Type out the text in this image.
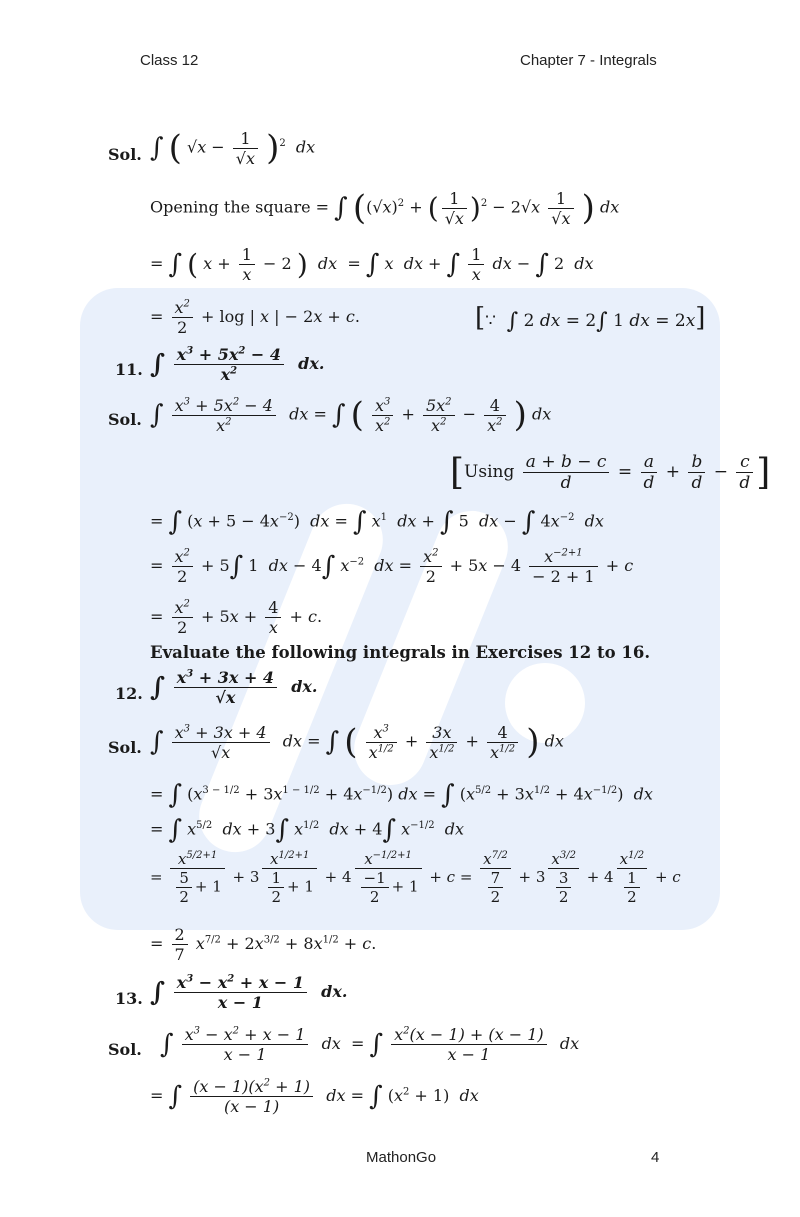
Class 12	Chapter 7 - Integrals
Sol. ∫ ( $√x - \frac{1}{√x} )^2$ dx
Opening the square = ∫ ($(√x)^2$ + ( $\frac{1}{√x} )^2 - 2√x \frac{1}{√x}$ ) dx
= ∫ ( $x + \frac{1}{x} - 2$ ) dx  = ∫ x dx + ∫ $\frac{1}{x}$ dx − ∫ 2  dx
= $\frac{x^2}{2} + \log$ | x | − 2x + c.	[∵  ∫ 2 dx = 2∫ 1 dx = 2x]
11. ∫ $\frac{x^3 + 5x^2 - 4}{x^2}$ dx.
Sol. ∫ $\frac{x^3 + 5x^2 - 4}{x^2}$ dx = ∫ ( $\frac{x^3}{x^2} + \frac{5x^2}{x^2} - \frac{4}{x^2}$ ) dx
[$Using \frac{a + b - c}{d} = \frac{a}{d} + \frac{b}{d} - \frac{c}{d}$ ]
= ∫ $(x + 5 - 4x^{-2})$  dx = ∫ $x^1$ dx + ∫ 5  dx − ∫ $4x^{-2}$ dx
= $\frac{x^2}{2} + 5\int$ 1  dx − 4∫ $x^{-2}$ dx = $\frac{x^2}{2} + 5x - 4 \frac{x^{-2+1}}{- 2 + 1} + c$
= $\frac{x^2}{2} + 5x + \frac{4}{x} + c$.
Evaluate the following integrals in Exercises 12 to 16.
12. ∫ $\frac{x^3 + 3x + 4}{√x}$ dx.
Sol. ∫ $\frac{x^3 + 3x + 4}{√x}$ dx = ∫ ( $\frac{x^3}{x^{1/2}} + \frac{3x}{x^{1/2}} + \frac{4}{x^{1/2}}$ ) dx
= ∫ $(x^{3 - 1/2} + 3x^{1 - 1/2} + 4x^{-1/2})$ dx = ∫ $(x^{5/2} + 3x^{1/2} + 4x^{-1/2})$  dx
= ∫ $x^{5/2}$ dx + 3∫ $x^{1/2}$ dx + 4∫ $x^{-1/2}$ dx
= $\frac{x^{5/2+1}}{\frac{5}{2} + 1} + 3 \frac{x^{1/2+1}}{\frac{1}{2} + 1} + 4 \frac{x^{-1/2+1}}{\frac{-1}{2} + 1} + c = \frac{x^{7/2}}{\frac{7}{2}} + 3 \frac{x^{3/2}}{\frac{3}{2}} + 4 \frac{x^{1/2}}{\frac{1}{2}} + c$
= $\frac{2}{7} x^{7/2} + 2x^{3/2} + 8x^{1/2} + c$.
13. ∫ $\frac{x^3 - x^2 + x - 1}{x - 1}$ dx.
Sol. ∫ $\frac{x^3 - x^2 + x - 1}{x - 1}$ dx  = ∫ $\frac{x^2(x - 1) + (x - 1)}{x - 1}$ dx
= ∫ $\frac{(x - 1)(x^2 + 1)}{(x - 1)}$ dx = ∫ $(x^2 + 1)$  dx
MathonGo	4
